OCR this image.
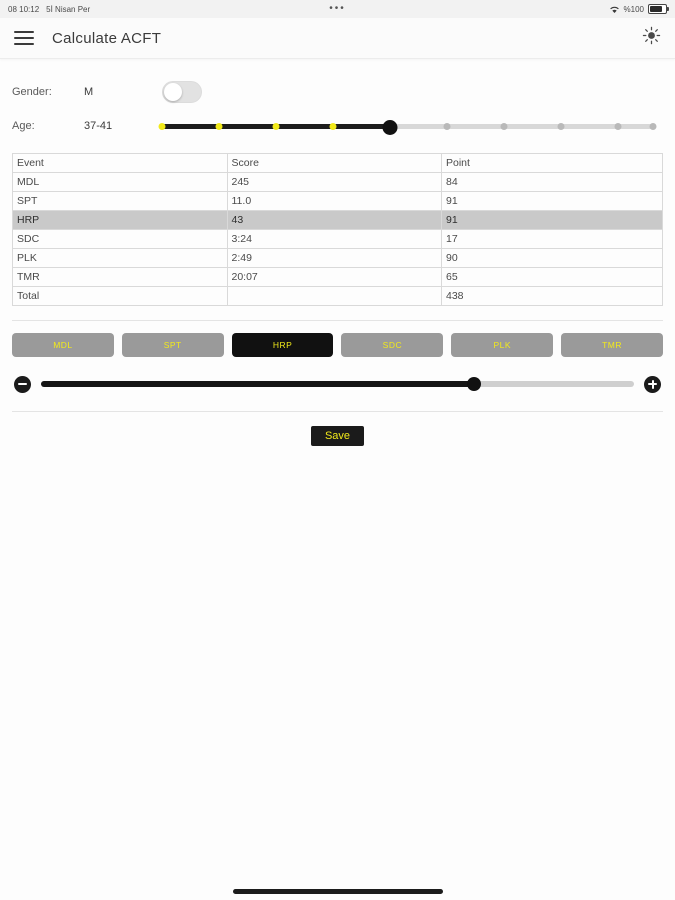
08 10:12 5İ Nisan Per	•••	%100
Calculate ACFT
Gender:	M
Age:	37-41
Event	Score	Point
MDL	245	84
SPT	11.0	91
HRP	43	91
SDC	3:24	17
PLK	2:49	90
TMR	20:07	65
Total		438
MDL	SPT	HRP	SDC	PLK	TMR
Save
